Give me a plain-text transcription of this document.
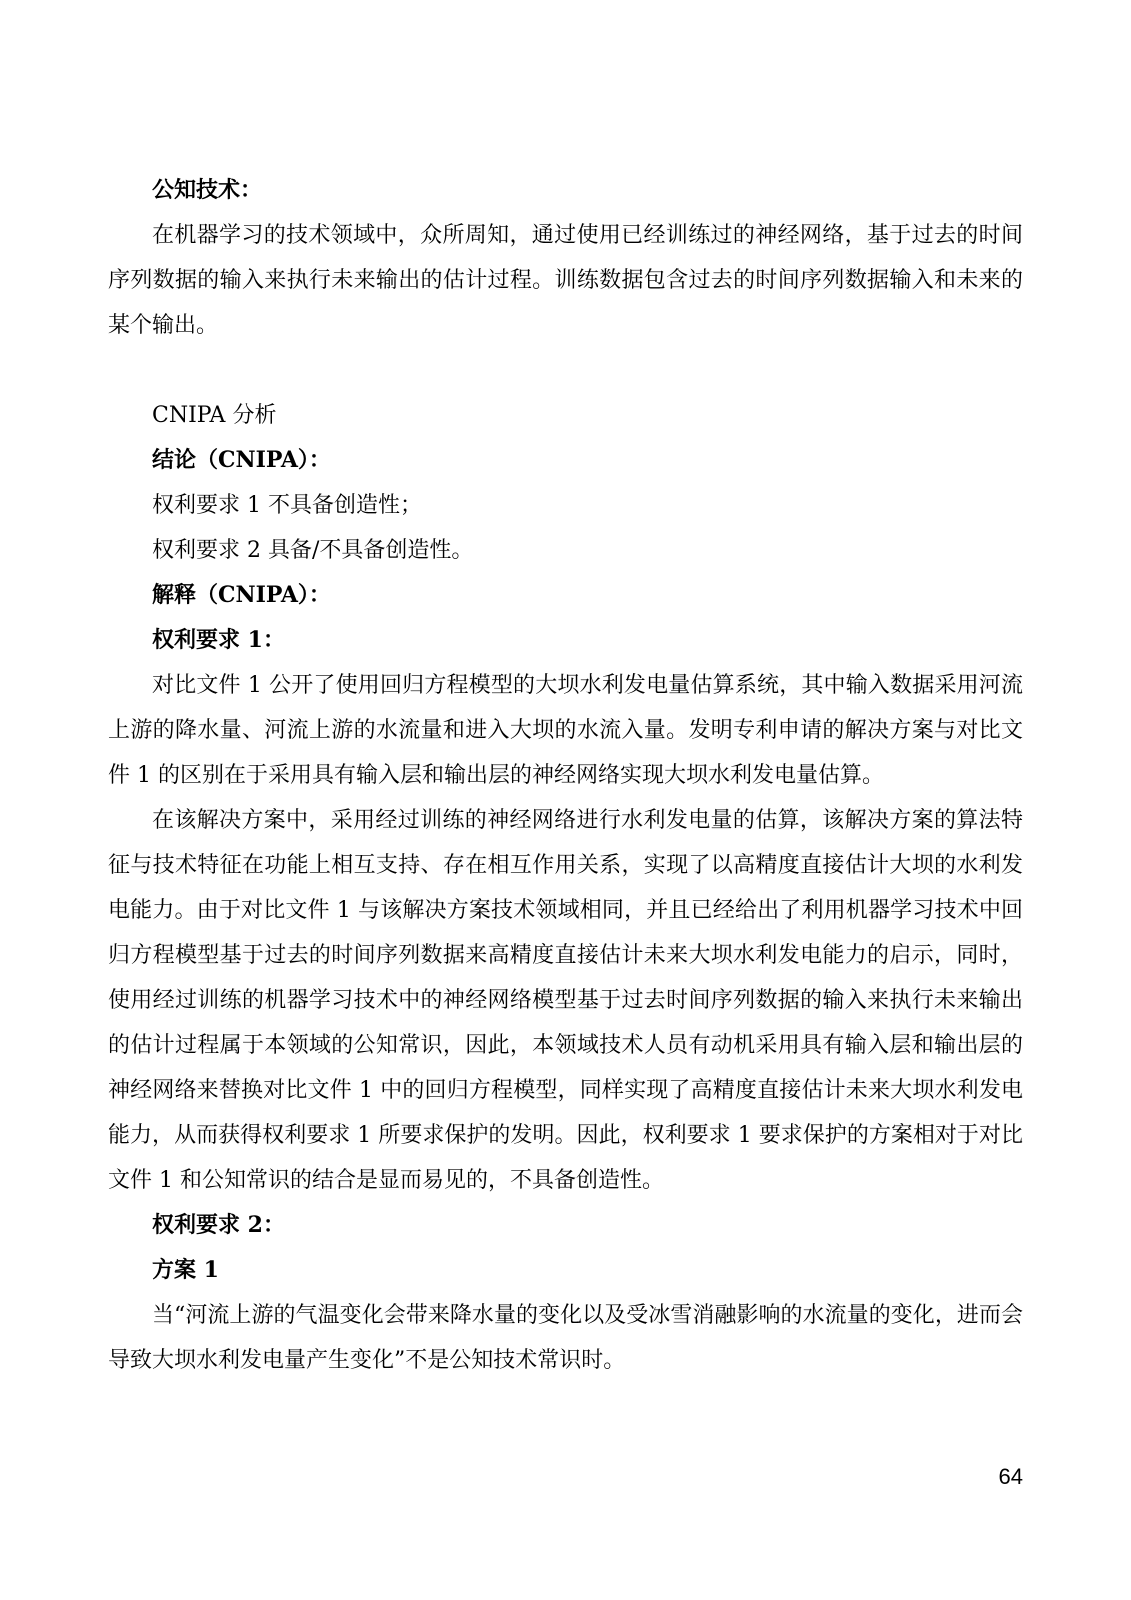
公知技术：

在机器学习的技术领域中，众所周知，通过使用已经训练过的神经网络，基于过去的时间序列数据的输入来执行未来输出的估计过程。训练数据包含过去的时间序列数据输入和未来的某个输出。

CNIPA 分析

结论（CNIPA）：

权利要求 1 不具备创造性；

权利要求 2 具备/不具备创造性。

解释（CNIPA）：

权利要求 1：

对比文件 1 公开了使用回归方程模型的大坝水利发电量估算系统，其中输入数据采用河流上游的降水量、河流上游的水流量和进入大坝的水流入量。发明专利申请的解决方案与对比文件 1 的区别在于采用具有输入层和输出层的神经网络实现大坝水利发电量估算。

在该解决方案中，采用经过训练的神经网络进行水利发电量的估算，该解决方案的算法特征与技术特征在功能上相互支持、存在相互作用关系，实现了以高精度直接估计大坝的水利发电能力。由于对比文件 1 与该解决方案技术领域相同，并且已经给出了利用机器学习技术中回归方程模型基于过去的时间序列数据来高精度直接估计未来大坝水利发电能力的启示，同时，使用经过训练的机器学习技术中的神经网络模型基于过去时间序列数据的输入来执行未来输出的估计过程属于本领域的公知常识，因此，本领域技术人员有动机采用具有输入层和输出层的神经网络来替换对比文件 1 中的回归方程模型，同样实现了高精度直接估计未来大坝水利发电能力，从而获得权利要求 1 所要求保护的发明。因此，权利要求 1 要求保护的方案相对于对比文件 1 和公知常识的结合是显而易见的，不具备创造性。

权利要求 2：

方案 1

当“河流上游的气温变化会带来降水量的变化以及受冰雪消融影响的水流量的变化，进而会导致大坝水利发电量产生变化”不是公知技术常识时。

64
